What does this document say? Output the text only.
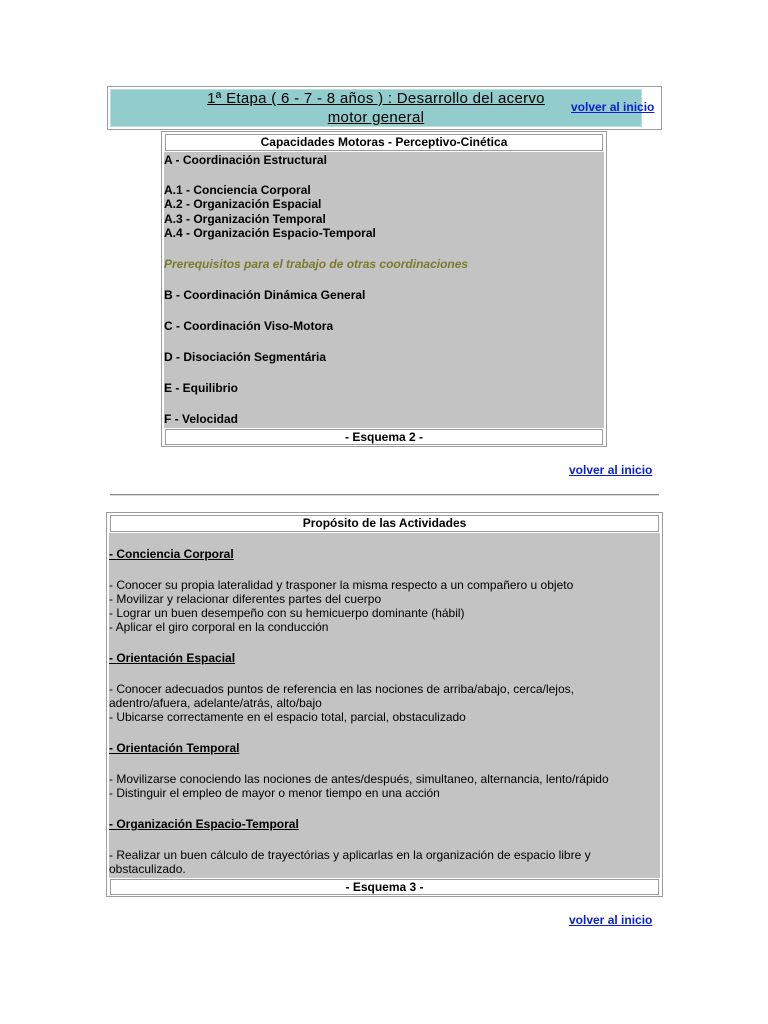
1ª Etapa ( 6 - 7 - 8 años ) : Desarrollo del acervo
motor general
volver al inicio
Capacidades Motoras - Perceptivo-Cinética
A - Coordinación Estructural
A.1 - Conciencia Corporal
A.2 - Organización Espacial
A.3 - Organización Temporal
A.4 - Organización Espacio-Temporal
Prerequisitos para el trabajo de otras coordinaciones
B - Coordinación Dinámica General
C - Coordinación Viso-Motora
D - Disociación Segmentária
E - Equilibrio
F - Velocidad
- Esquema 2 -
volver al inicio
Propósito de las Actividades
- Conciencia Corporal
- Conocer su propia lateralidad y trasponer la misma respecto a un compañero u objeto
- Movilizar y relacionar diferentes partes del cuerpo
- Lograr un buen desempeño con su hemicuerpo dominante (hábil)
- Aplicar el giro corporal en la conducción
- Orientación Espacial
- Conocer adecuados puntos de referencia en las nociones de arriba/abajo, cerca/lejos,
adentro/afuera, adelante/atrás, alto/bajo
- Ubicarse correctamente en el espacio total, parcial, obstaculizado
- Orientación Temporal
- Movilizarse conociendo las nociones de antes/después, simultaneo, alternancia, lento/rápido
- Distinguir el empleo de mayor o menor tiempo en una acción
- Organización Espacio-Temporal
- Realizar un buen cálculo de trayectórias y aplicarlas en la organización de espacio libre y
obstaculizado.
- Esquema 3 -
volver al inicio
